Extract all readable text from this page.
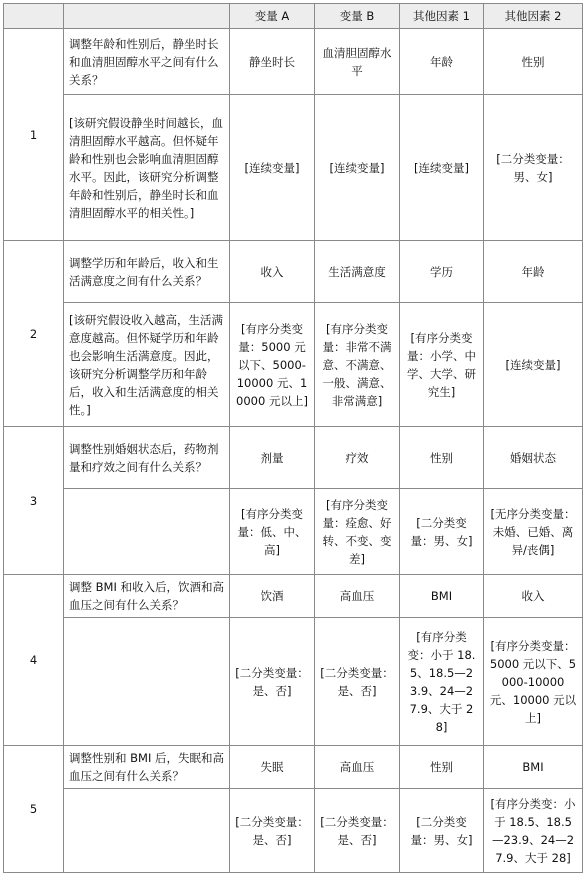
		变量 A	变量 B	其他因素 1	其他因素 2
1	调整年龄和性别后，静坐时长和血清胆固醇水平之间有什么关系？	静坐时长	血清胆固醇水平	年龄	性别
	[该研究假设静坐时间越长，血清胆固醇水平越高。但怀疑年龄和性别也会影响血清胆固醇水平。因此，该研究分析调整年龄和性别后，静坐时长和血清胆固醇水平的相关性。]	[连续变量]	[连续变量]	[连续变量]	[二分类变量：男、女]
2	调整学历和年龄后，收入和生活满意度之间有什么关系？	收入	生活满意度	学历	年龄
	[该研究假设收入越高，生活满意度越高。但怀疑学历和年龄也会影响生活满意度。因此，该研究分析调整学历和年龄后，收入和生活满意度的相关性。]	[有序分类变量：5000 元以下、5000-10000 元、10000 元以上]	[有序分类变量：非常不满意、不满意、一般、满意、非常满意]	[有序分类变量：小学、中学、大学、研究生]	[连续变量]
3	调整性别婚姻状态后，药物剂量和疗效之间有什么关系？	剂量	疗效	性别	婚姻状态
		[有序分类变量：低、中、高]	[有序分类变量：痊愈、好转、不变、变差]	[二分类变量：男、女]	[无序分类变量：未婚、已婚、离异/丧偶]
4	调整 BMI 和收入后，饮酒和高血压之间有什么关系？	饮酒	高血压	BMI	收入
		[二分类变量：是、否]	[二分类变量：是、否]	[有序分类变：小于 18.5、18.5—23.9、24—27.9、大于 28]	[有序分类变量：5000 元以下、5000-10000 元、10000 元以上]
5	调整性别和 BMI 后，失眠和高血压之间有什么关系？	失眠	高血压	性别	BMI
		[二分类变量：是、否]	[二分类变量：是、否]	[二分类变量：男、女]	[有序分类变：小于 18.5、18.5—23.9、24—27.9、大于 28]
